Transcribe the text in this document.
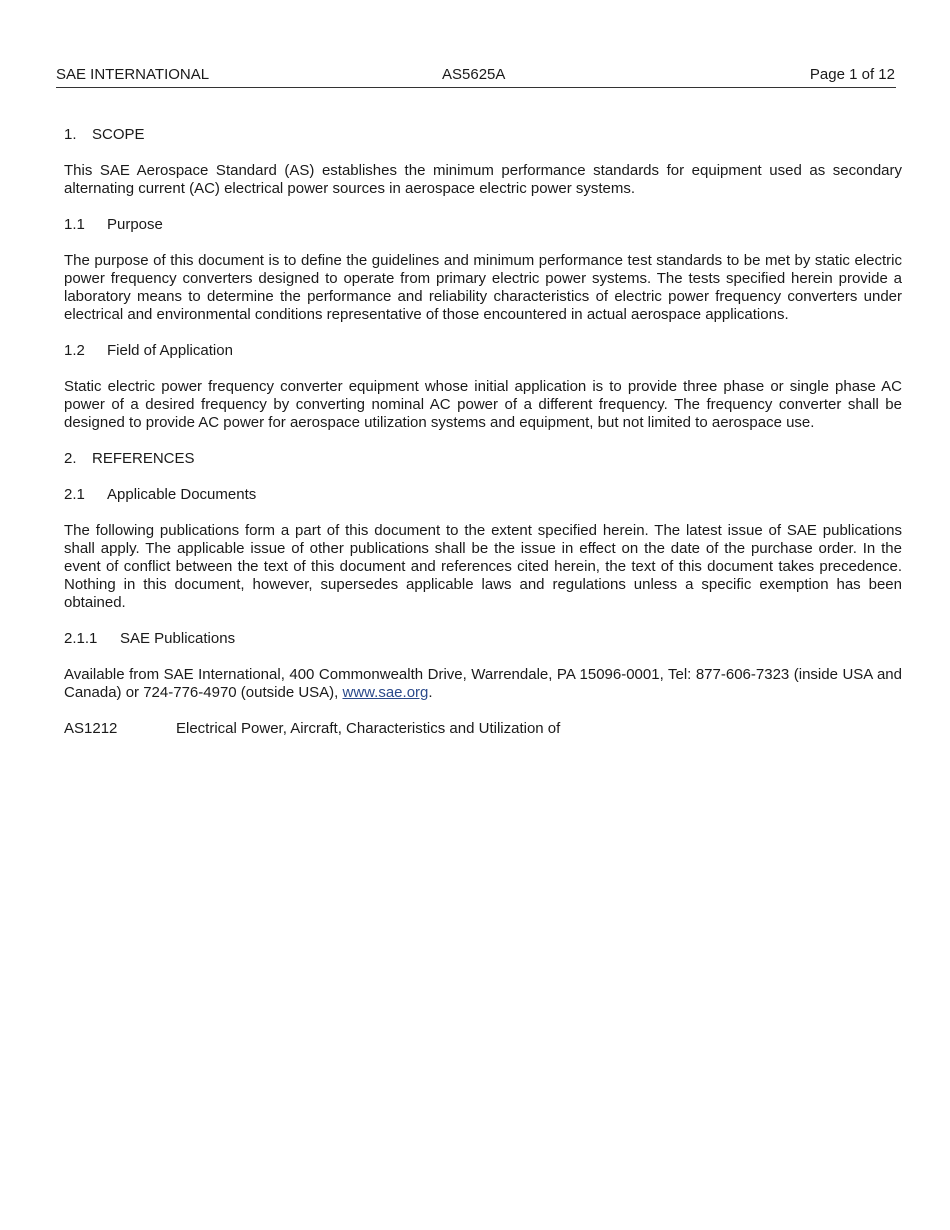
SAE INTERNATIONAL	AS5625A	Page 1 of 12
1.	SCOPE

This SAE Aerospace Standard (AS) establishes the minimum performance standards for equipment used as secondary alternating current (AC) electrical power sources in aerospace electric power systems.

1.1	Purpose

The purpose of this document is to define the guidelines and minimum performance test standards to be met by static electric power frequency converters designed to operate from primary electric power systems. The tests specified herein provide a laboratory means to determine the performance and reliability characteristics of electric power frequency converters under electrical and environmental conditions representative of those encountered in actual aerospace applications.

1.2	Field of Application

Static electric power frequency converter equipment whose initial application is to provide three phase or single phase AC power of a desired frequency by converting nominal AC power of a different frequency. The frequency converter shall be designed to provide AC power for aerospace utilization systems and equipment, but not limited to aerospace use.

2.	REFERENCES
2.1	Applicable Documents

The following publications form a part of this document to the extent specified herein. The latest issue of SAE publications shall apply. The applicable issue of other publications shall be the issue in effect on the date of the purchase order. In the event of conflict between the text of this document and references cited herein, the text of this document takes precedence. Nothing in this document, however, supersedes applicable laws and regulations unless a specific exemption has been obtained.

2.1.1	SAE Publications

Available from SAE International, 400 Commonwealth Drive, Warrendale, PA 15096-0001, Tel: 877-606-7323 (inside USA and Canada) or 724-776-4970 (outside USA), www.sae.org.

AS1212	Electrical Power, Aircraft, Characteristics and Utilization of
